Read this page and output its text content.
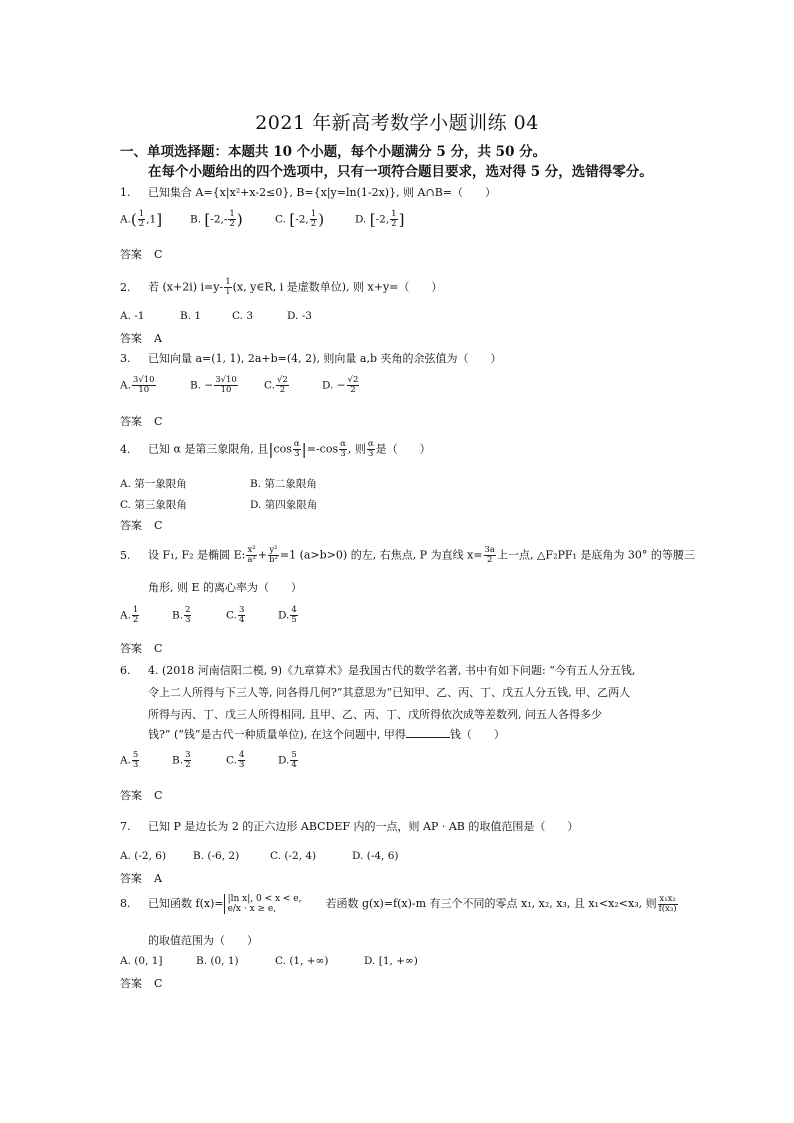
2021 年新高考数学小题训练 04
一、单项选择题：本题共 10 个小题，每个小题满分 5 分，共 50 分。
在每个小题给出的四个选项中，只有一项符合题目要求，选对得 5 分，选错得零分。
1. 已知集合 A={x|x²+x-2≤0}, B={x|y=ln(1-2x)}, 则 A∩B=（　　）
$A.( \frac{1}{2} ,1]$	B. [$-2,- \frac{1}{2}$ )	C. [-2, $\frac{1}{2}$ )	D. [-2, $\frac{1}{2}$ ]
答案 C
2. 若 (x+2i) $i=y- \frac{1}{i} (x$, y∈R, i 是虚数单位), 则 x+y=（　　）
A. -1	B. 1	C. 3	D. -3
答案 A
3. 已知向量 a=(1, 1), 2a+b=(4, 2), 则向量 a,b 夹角的余弦值为（　　）
A. $\frac{3√10}{10}$	B. − $\frac{3√10}{10} C$. $\frac{√2}{2}$	D. − $\frac{√2}{2}$
答案 C
4. 已知 α 是第三象限角, 且$|\cos \frac{\alpha}{3} |=-\cos \frac{\alpha}{3}$ , 则 $\frac{\alpha}{3}$ 是（　　）
A. 第一象限角	B. 第二象限角
C. 第三象限角	D. 第四象限角
答案 C
5. 设 F₁, F₂ 是椭圆 E: $\frac{\text{x²}}{\text{a²}} + \frac{\text{y²}}{\text{b²}} =1$ (a>b>0) 的左, 右焦点, P 为直线 $x= \frac{3a}{2}$ 上一点, △F₂PF₁ 是底角为 30° 的等腰三
角形, 则 E 的离心率为（　　）
A. $\frac{1}{2}$	B. $\frac{2}{3}$	C. $\frac{3}{4}$	D. $\frac{4}{5}$
答案 C
6. 4. (2018 河南信阳二模, 9)《九章算术》是我国古代的数学名著, 书中有如下问题: “今有五人分五钱,
令上二人所得与下三人等, 问各得几何?”其意思为“已知甲、乙、丙、丁、戊五人分五钱, 甲、乙两人
所得与丙、丁、戊三人所得相同, 且甲、乙、丙、丁、戊所得依次成等差数列, 问五人各得多少
钱?” (“钱”是古代一种质量单位), 在这个问题中, 甲得	钱（　　）
A. $\frac{5}{3}$	B. $\frac{3}{2}$	C. $\frac{4}{3}$	D. $\frac{5}{4}$
答案 C
7. 已知 P 是边长为 2 的正六边形 ABCDEF 内的一点，则 AP · AB 的取值范围是（　　）
A. (-2, 6)	B. (-6, 2)	C. (-2, 4)	D. (-4, 6)
答案 A
8. 已知函数 f(x)= |ln x|, 0 < x < e,
e/x · x ≥ e,	若函数 g(x)=f(x)-m 有三个不同的零点 x₁, x₂, x₃, 且 x₁<x₂<x₃, 则 $\frac{\text{x₁x₂}}{\text{f(x₃)}}$
的取值范围为（　　）
A. (0, 1]	B. (0, 1)	C. (1, +∞)	D. [1, +∞)
答案 C
